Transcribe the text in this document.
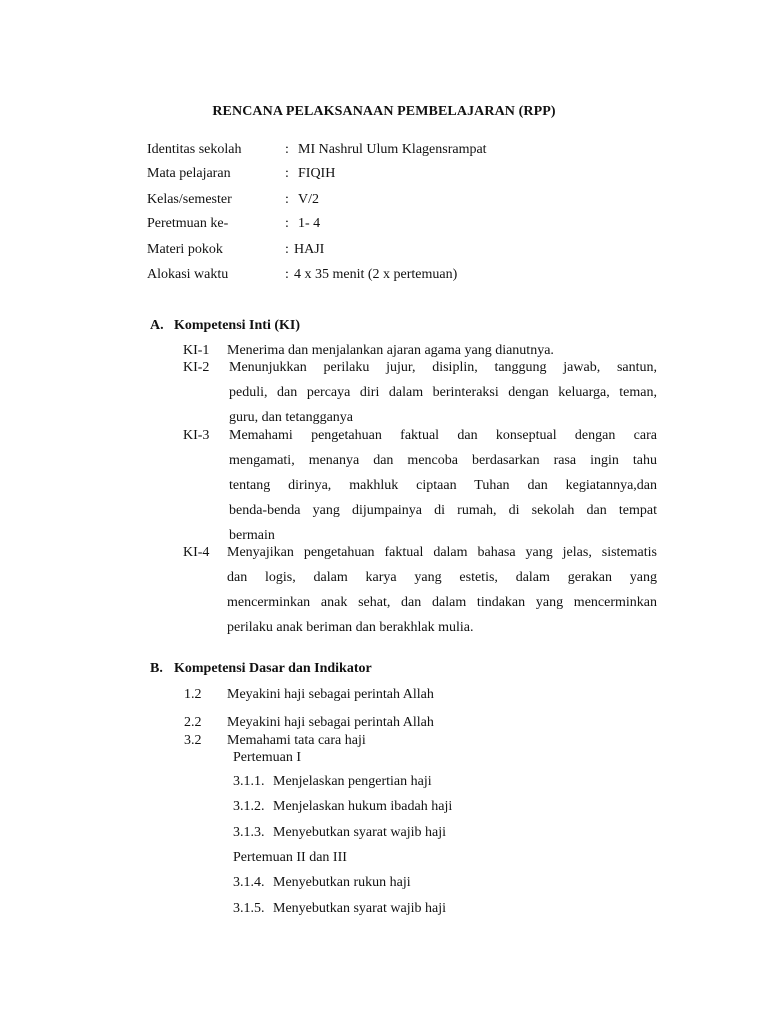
RENCANA PELAKSANAAN PEMBELAJARAN (RPP)
Identitas sekolah	: MI Nashrul Ulum Klagensrampat
Mata pelajaran	: FIQIH
Kelas/semester	: V/2
Peretmuan ke-	: 1- 4
Materi pokok	: HAJI
Alokasi waktu	: 4 x 35 menit (2 x pertemuan)
A. Kompetensi Inti (KI)
KI-1 Menerima dan menjalankan ajaran agama yang dianutnya.
KI-2 Menunjukkan perilaku jujur, disiplin, tanggung jawab, santun,
peduli, dan percaya diri dalam berinteraksi dengan keluarga, teman,
guru, dan tetangganya
KI-3 Memahami pengetahuan faktual dan konseptual dengan cara
mengamati, menanya dan mencoba berdasarkan rasa ingin tahu
tentang dirinya, makhluk ciptaan Tuhan dan kegiatannya,dan
benda-benda yang dijumpainya di rumah, di sekolah dan tempat
bermain
KI-4 Menyajikan pengetahuan faktual dalam bahasa yang jelas, sistematis
dan logis, dalam karya yang estetis, dalam gerakan yang
mencerminkan anak sehat, dan dalam tindakan yang mencerminkan
perilaku anak beriman dan berakhlak mulia.
B. Kompetensi Dasar dan Indikator
1.2 Meyakini haji sebagai perintah Allah
2.2 Meyakini haji sebagai perintah Allah
3.2 Memahami tata cara haji
Pertemuan I
3.1.1. Menjelaskan pengertian haji
3.1.2. Menjelaskan hukum ibadah haji
3.1.3. Menyebutkan syarat wajib haji
Pertemuan II dan III
3.1.4. Menyebutkan rukun haji
3.1.5. Menyebutkan syarat wajib haji
